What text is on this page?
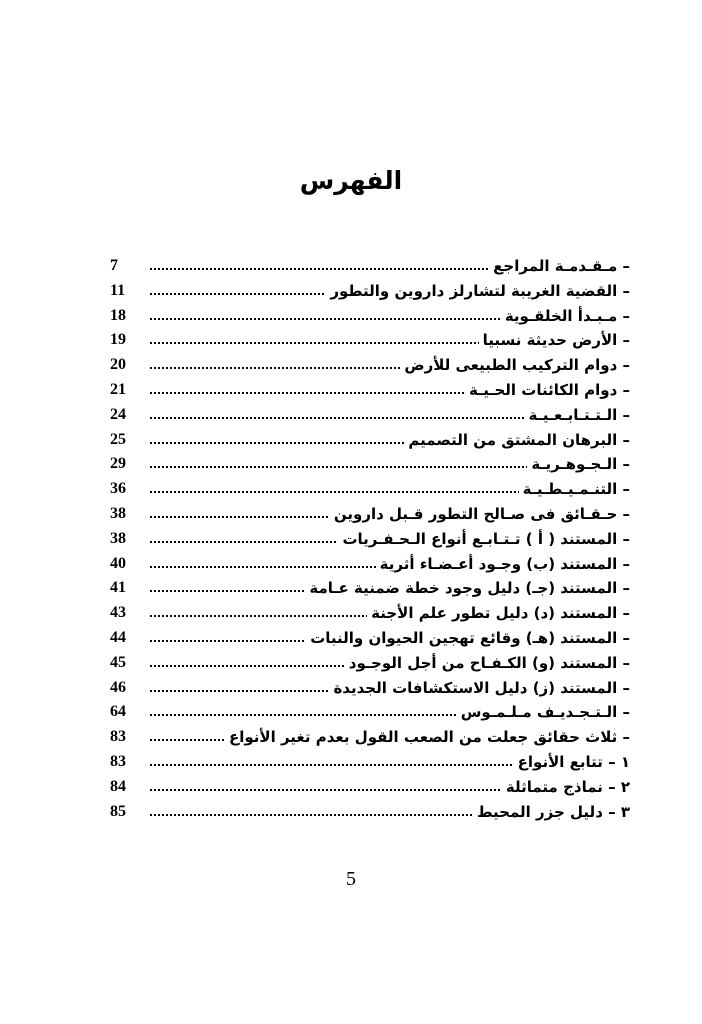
الفهرس
7	– مـقـدمـة المراجع
11	– القضية الغريبة لتشارلز داروين والتطور
18	– مـبـدأ الخلقـوية
19	– الأرض حديثة نسبيا
20	– دوام التركيب الطبيعى للأرض
21	– دوام الكائنات الحـيـة
24	– الـتـتـابـعـيـة
25	– البرهان المشتق من التصميم
29	– الـجـوهـريـة
36	– التنـمـيـطـيـة
38	– حـقـائق فى صـالح التطور قـبل داروين
38	– المستند ( أ ) تـتـابـع أنواع الـحـفـريات
40	– المستند (ب) وجـود أعـضـاء أثرية
41	– المستند (جـ) دليل وجود خطة ضمنية عـامة
43	– المستند (د) دليل تطور علم الأجنة
44	– المستند (هـ) وقائع تهجين الحيوان والنبات
45	– المستند (و) الكـفـاح من أجل الوجـود
46	– المستند (ز) دليل الاستكشافات الجديدة
64	– الـتـجـديـف مـلـمـوس
83	– ثلاث حقائق جعلت من الصعب القول بعدم تغير الأنواع
83	١ – تتابع الأنواع
84	٢ – نماذج متماثلة
85	٣ – دليل جزر المحيط
5
